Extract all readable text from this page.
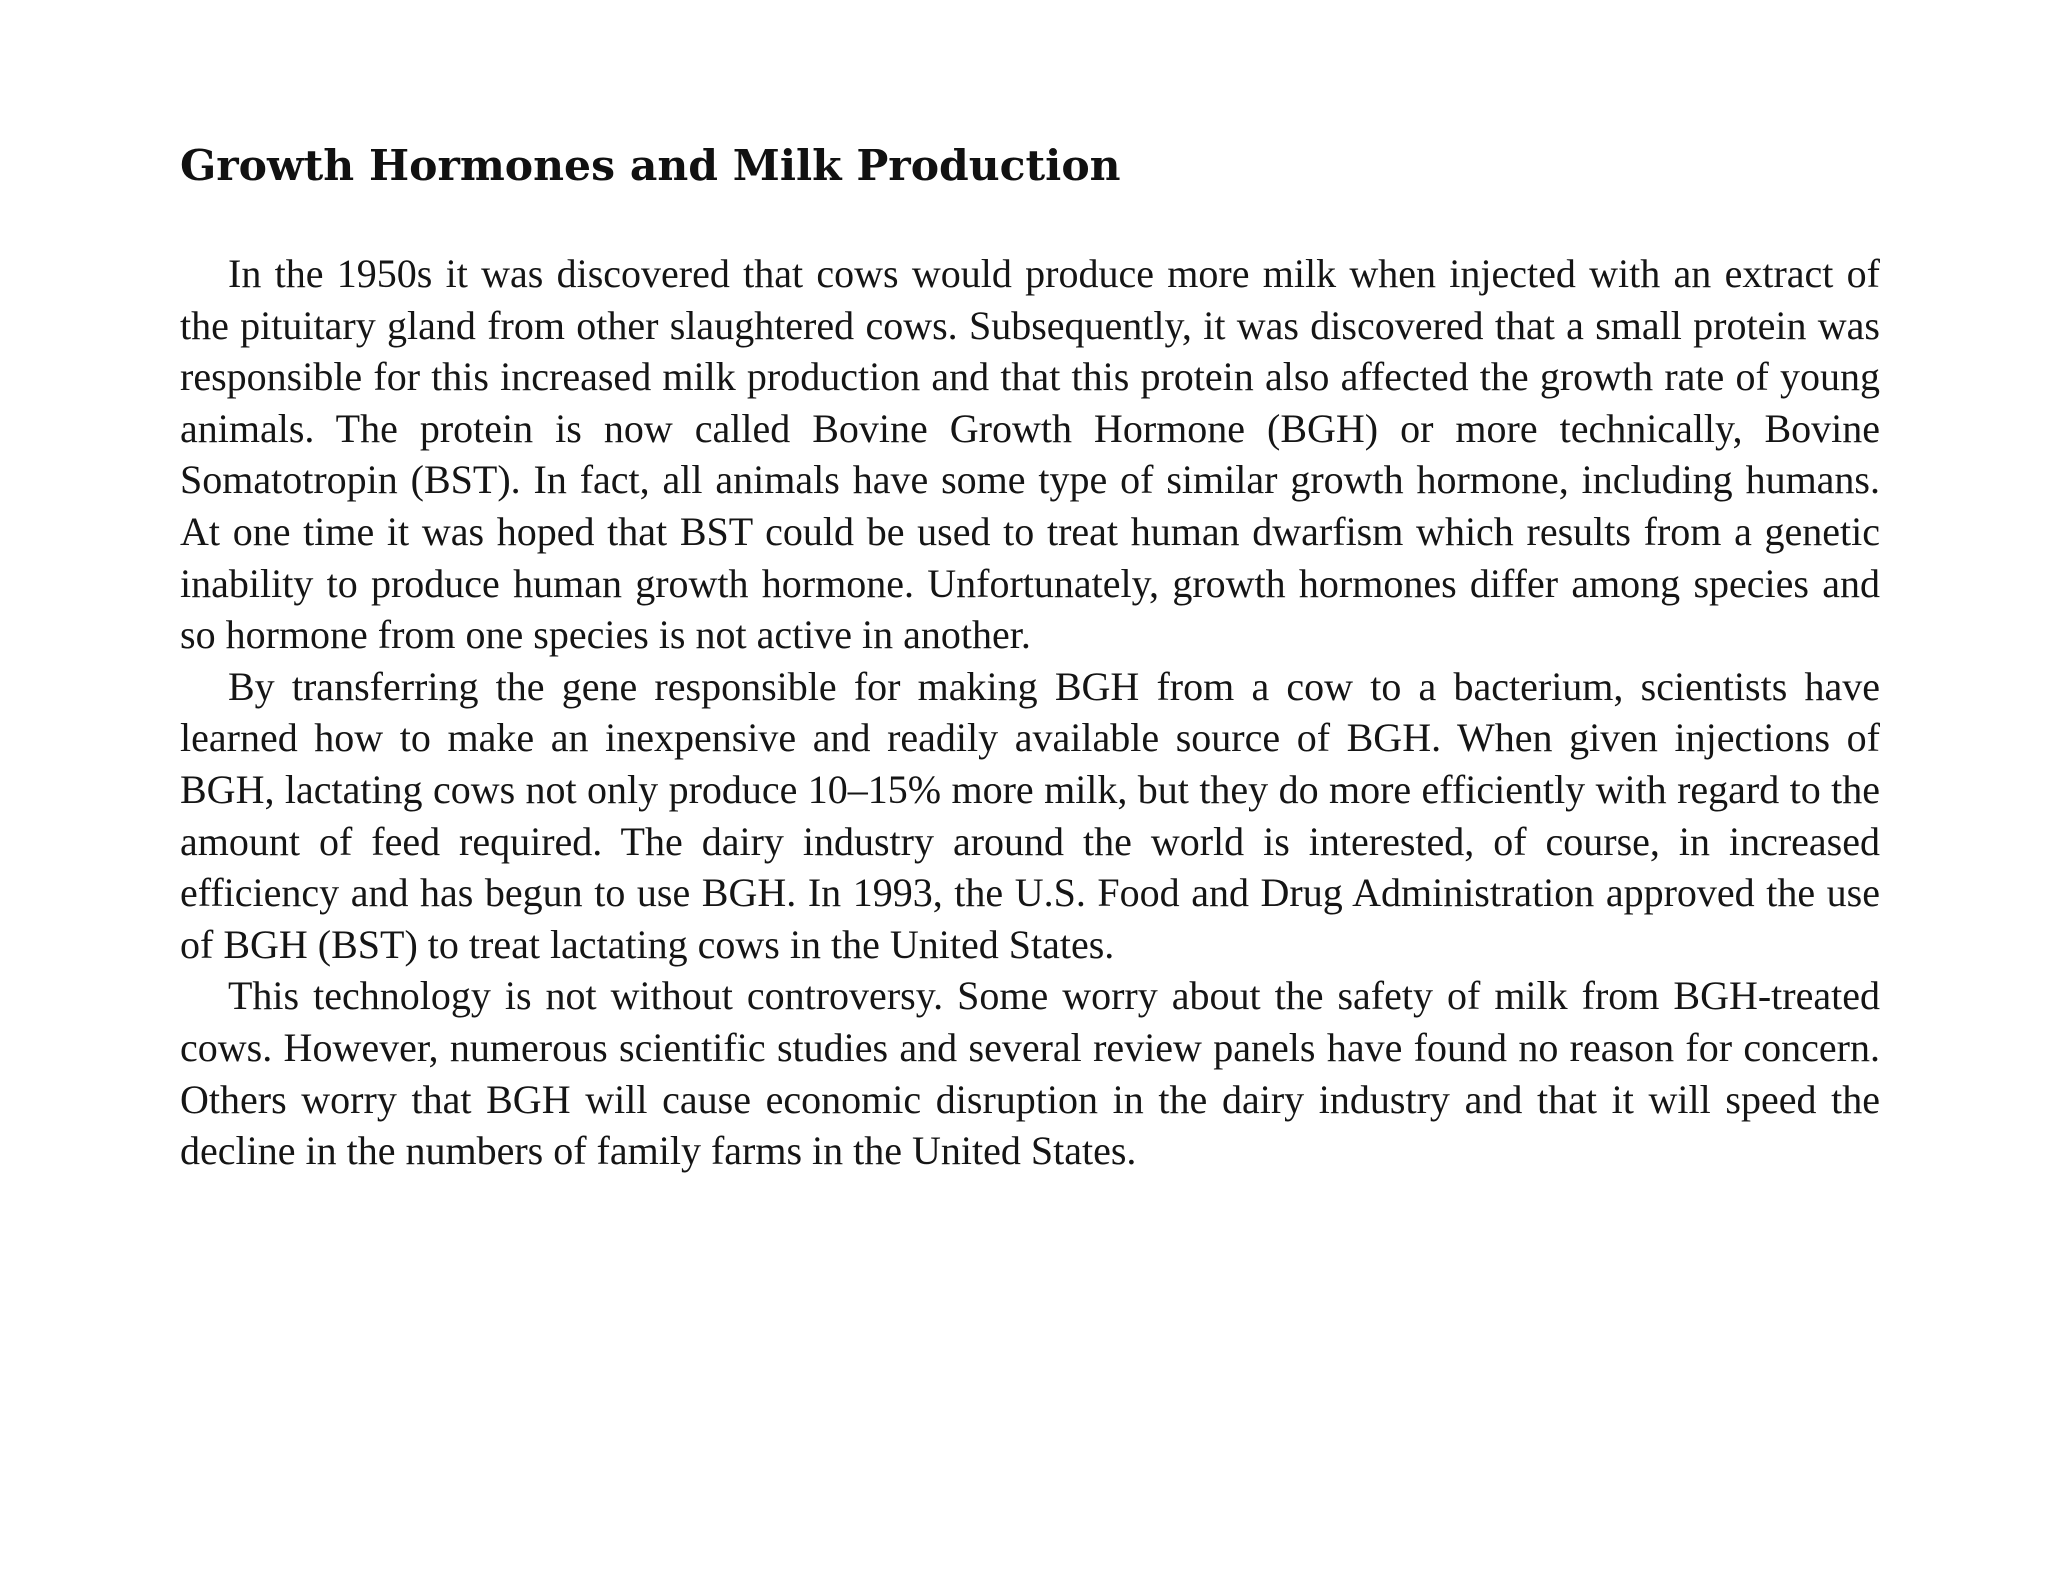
Growth Hormones and Milk Production

In the 1950s it was discovered that cows would produce more milk when injected with an extract of the pituitary gland from other slaughtered cows. Subsequently, it was discovered that a small protein was responsible for this increased milk production and that this protein also affected the growth rate of young animals. The protein is now called Bovine Growth Hormone (BGH) or more technically, Bovine Somatotropin (BST). In fact, all animals have some type of similar growth hormone, including humans. At one time it was hoped that BST could be used to treat human dwarfism which results from a genetic inability to produce human growth hormone. Unfortunately, growth hormones differ among species and so hormone from one species is not active in another.

By transferring the gene responsible for making BGH from a cow to a bacterium, scientists have learned how to make an inexpensive and readily available source of BGH. When given injections of BGH, lactating cows not only produce 10–15% more milk, but they do more efficiently with regard to the amount of feed required. The dairy industry around the world is interested, of course, in increased efficiency and has begun to use BGH. In 1993, the U.S. Food and Drug Administration approved the use of BGH (BST) to treat lactating cows in the United States.

This technology is not without controversy. Some worry about the safety of milk from BGH-treated cows. However, numerous scientific studies and several review panels have found no reason for concern. Others worry that BGH will cause economic disruption in the dairy industry and that it will speed the decline in the numbers of family farms in the United States.
